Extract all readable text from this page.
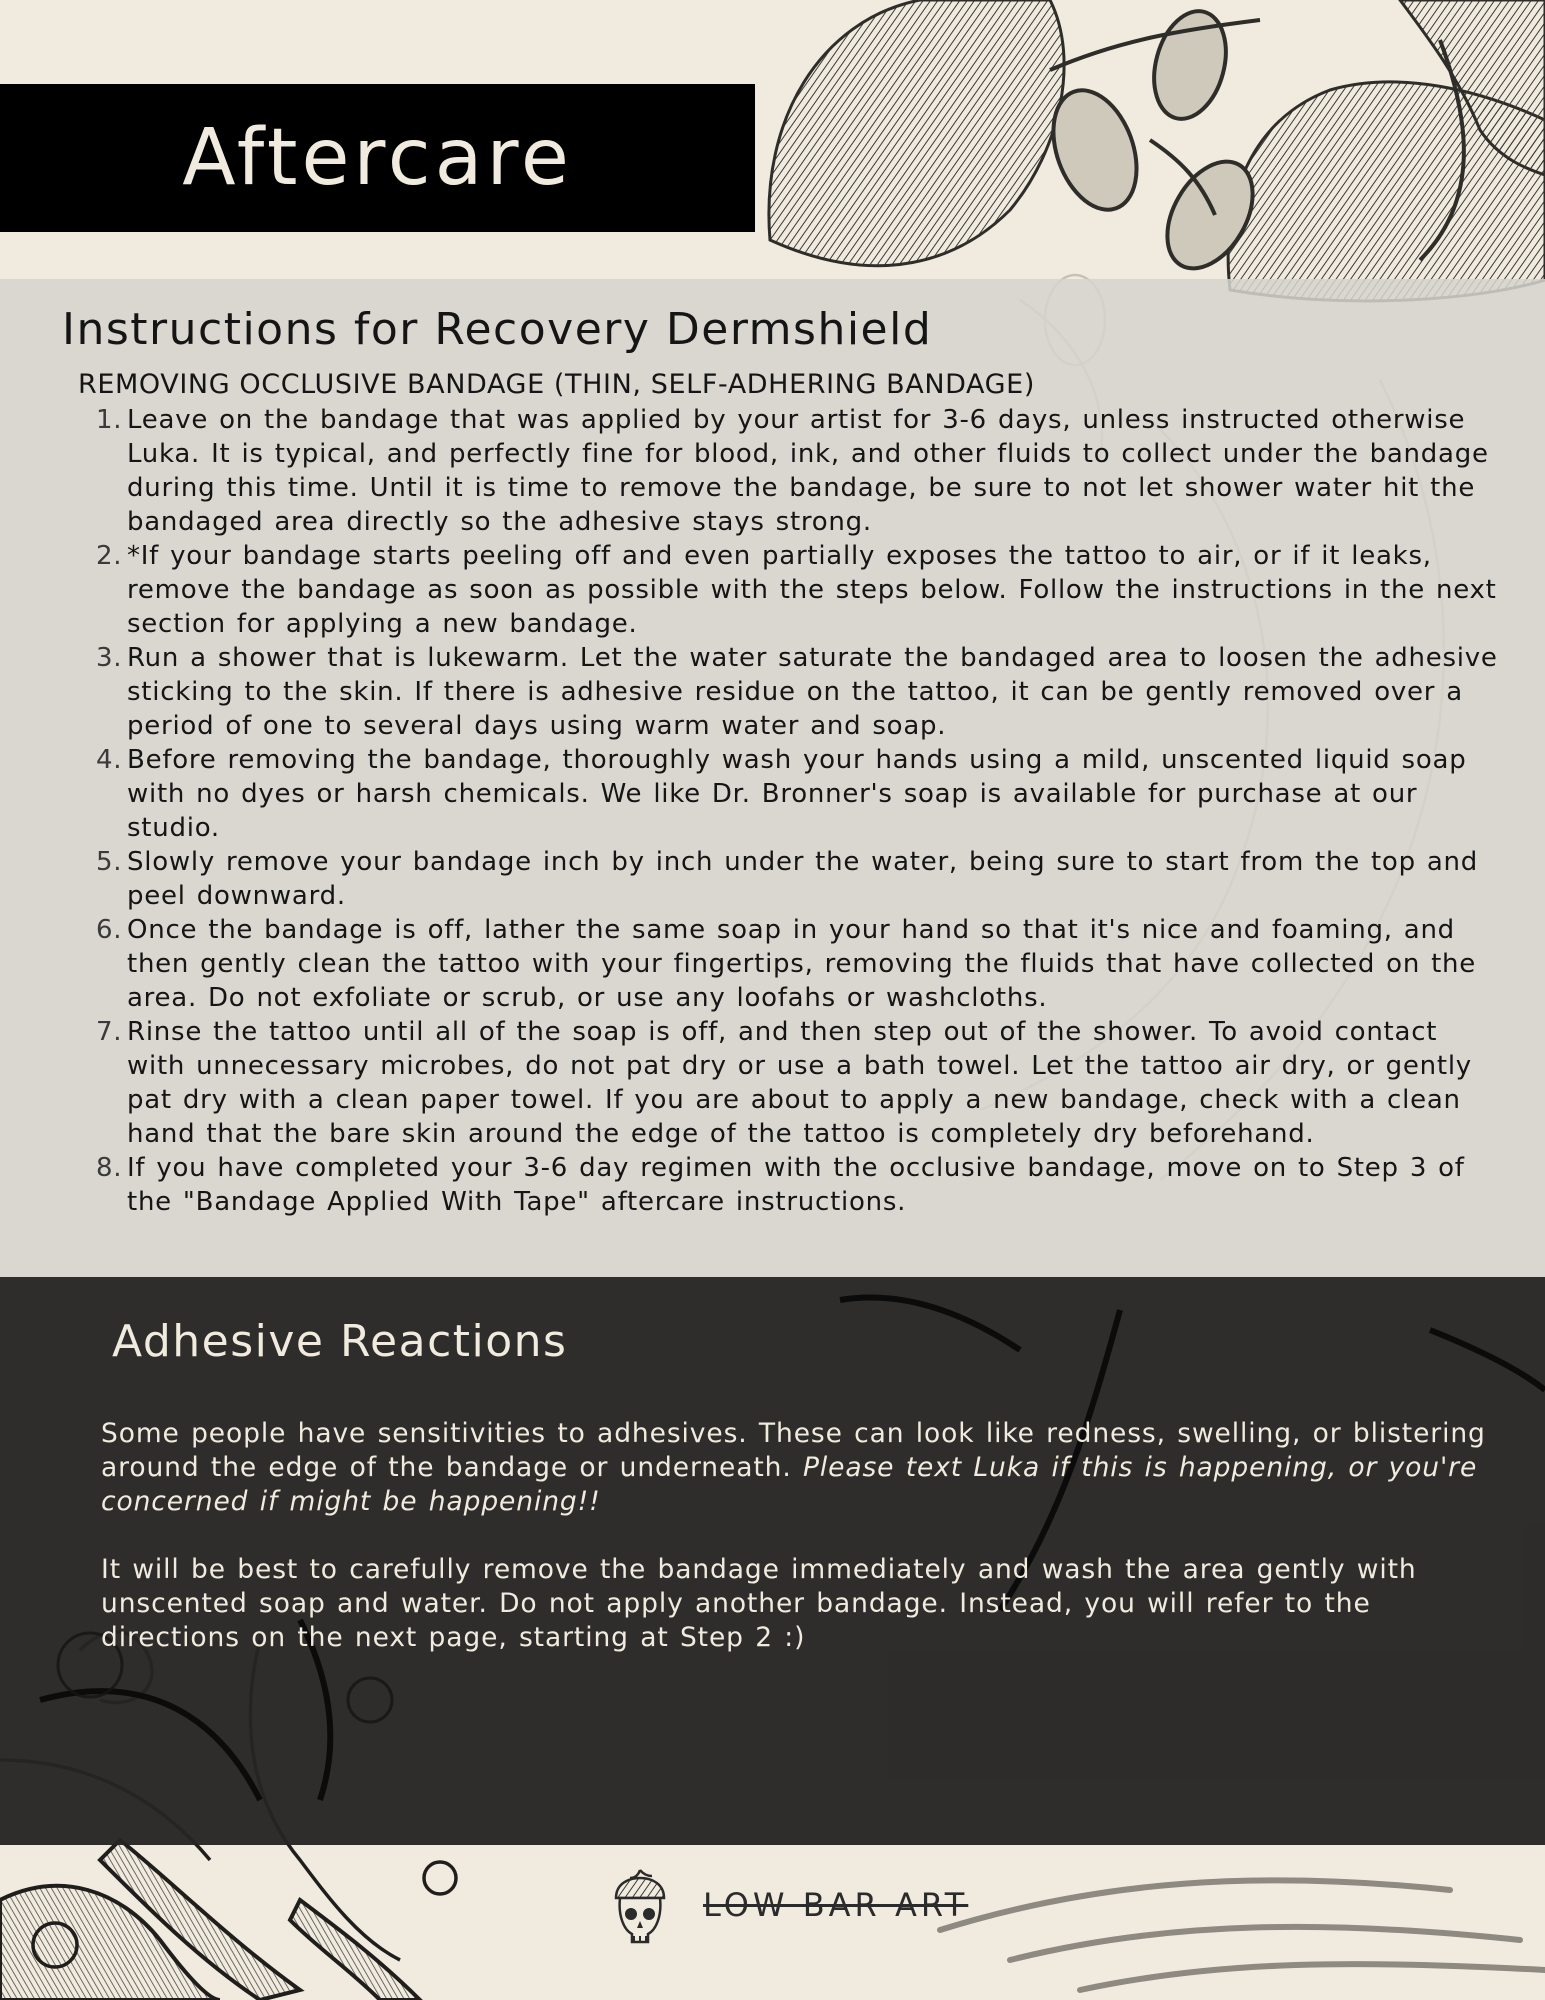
Aftercare
Instructions for Recovery Dermshield
REMOVING OCCLUSIVE BANDAGE (THIN, SELF-ADHERING BANDAGE)
1. Leave on the bandage that was applied by your artist for 3-6 days, unless instructed otherwise Luka. It is typical, and perfectly fine for blood, ink, and other fluids to collect under the bandage during this time. Until it is time to remove the bandage, be sure to not let shower water hit the bandaged area directly so the adhesive stays strong.
2. *If your bandage starts peeling off and even partially exposes the tattoo to air, or if it leaks, remove the bandage as soon as possible with the steps below. Follow the instructions in the next section for applying a new bandage.
3. Run a shower that is lukewarm. Let the water saturate the bandaged area to loosen the adhesive sticking to the skin. If there is adhesive residue on the tattoo, it can be gently removed over a period of one to several days using warm water and soap.
4. Before removing the bandage, thoroughly wash your hands using a mild, unscented liquid soap with no dyes or harsh chemicals. We like Dr. Bronner's soap is available for purchase at our studio.
5. Slowly remove your bandage inch by inch under the water, being sure to start from the top and peel downward.
6. Once the bandage is off, lather the same soap in your hand so that it's nice and foaming, and then gently clean the tattoo with your fingertips, removing the fluids that have collected on the area. Do not exfoliate or scrub, or use any loofahs or washcloths.
7. Rinse the tattoo until all of the soap is off, and then step out of the shower. To avoid contact with unnecessary microbes, do not pat dry or use a bath towel. Let the tattoo air dry, or gently pat dry with a clean paper towel. If you are about to apply a new bandage, check with a clean hand that the bare skin around the edge of the tattoo is completely dry beforehand.
8. If you have completed your 3-6 day regimen with the occlusive bandage, move on to Step 3 of the "Bandage Applied With Tape" aftercare instructions.
Adhesive Reactions

Some people have sensitivities to adhesives. These can look like redness, swelling, or blistering around the edge of the bandage or underneath. Please text Luka if this is happening, or you're concerned if might be happening!!

It will be best to carefully remove the bandage immediately and wash the area gently with unscented soap and water. Do not apply another bandage. Instead, you will refer to the directions on the next page, starting at Step 2 :)

LOW BAR ART
